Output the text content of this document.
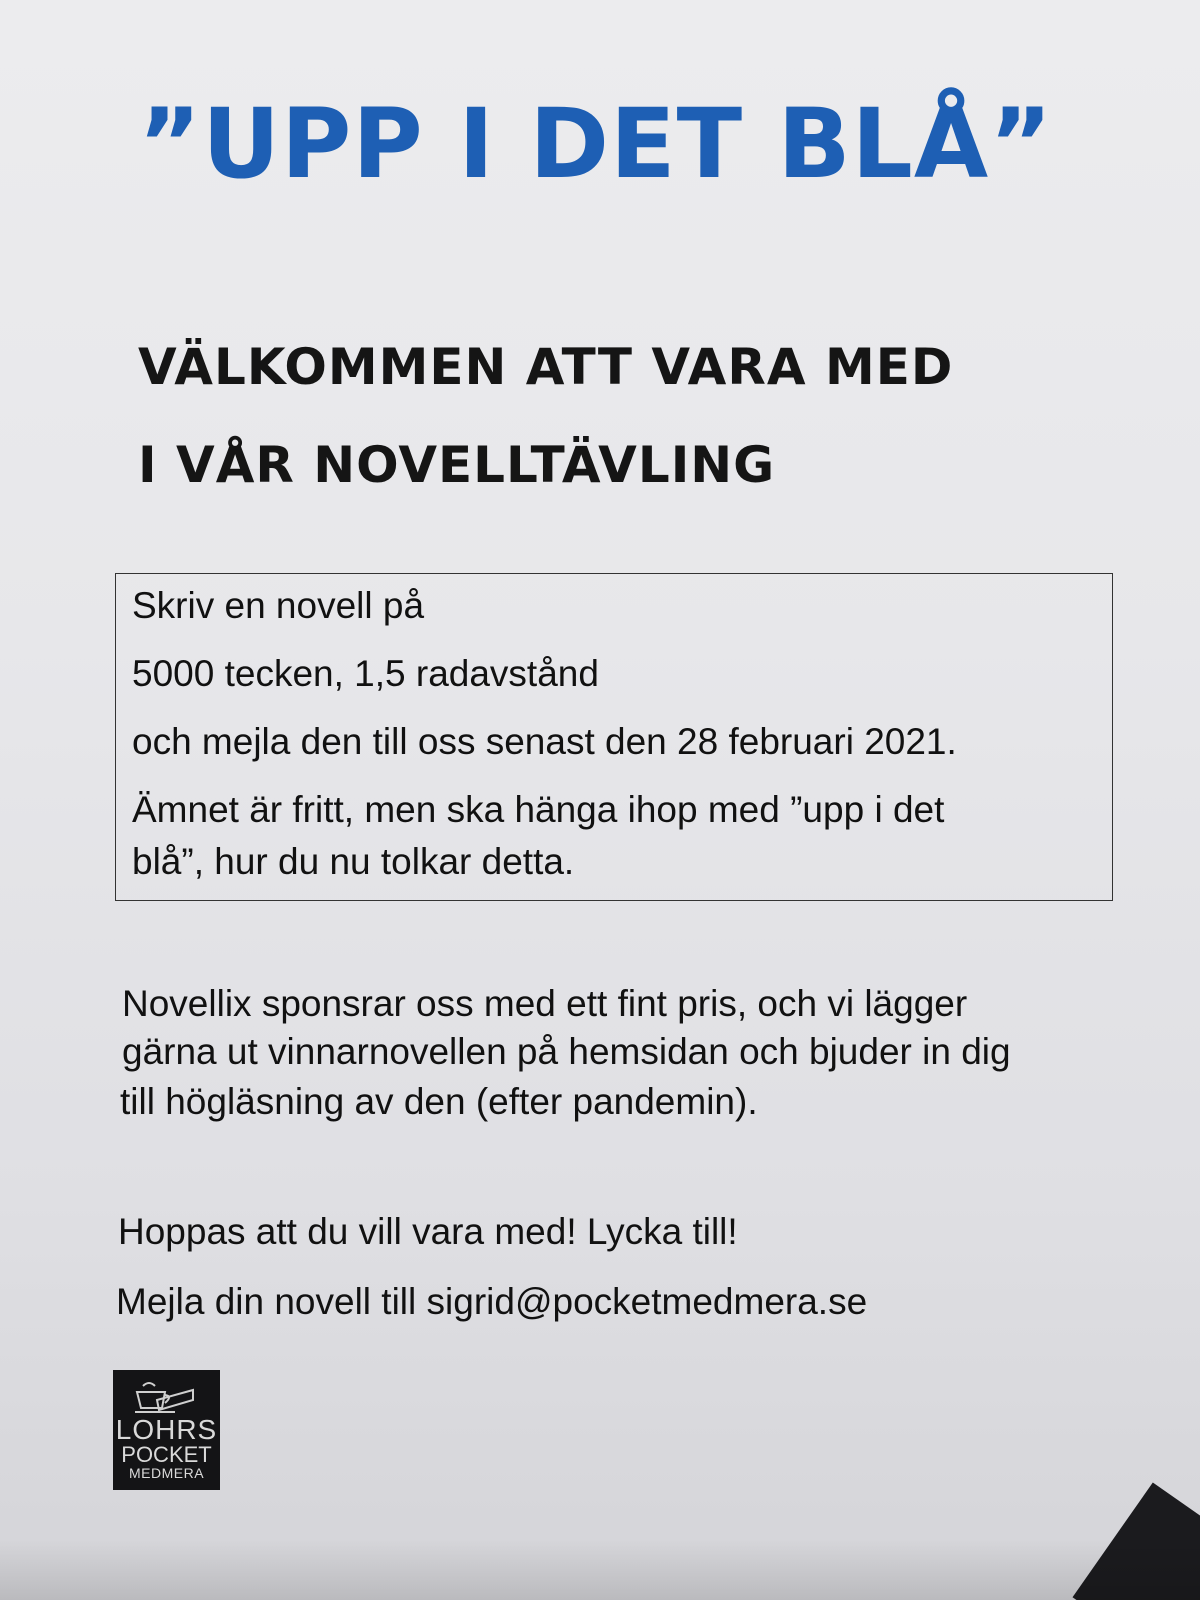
”UPP I DET BLÅ”
VÄLKOMMEN ATT VARA MED
I VÅR NOVELLTÄVLING

Skriv en novell på

5000 tecken, 1,5 radavstånd

och mejla den till oss senast den 28 februari 2021.

Ämnet är fritt, men ska hänga ihop med ”upp i det

blå”, hur du nu tolkar detta.

Novellix sponsrar oss med ett fint pris, och vi lägger

gärna ut vinnarnovellen på hemsidan och bjuder in dig

till högläsning av den (efter pandemin).

Hoppas att du vill vara med! Lycka till!

Mejla din novell till sigrid@pocketmedmera.se

LOHRS
POCKET
MEDMERA
